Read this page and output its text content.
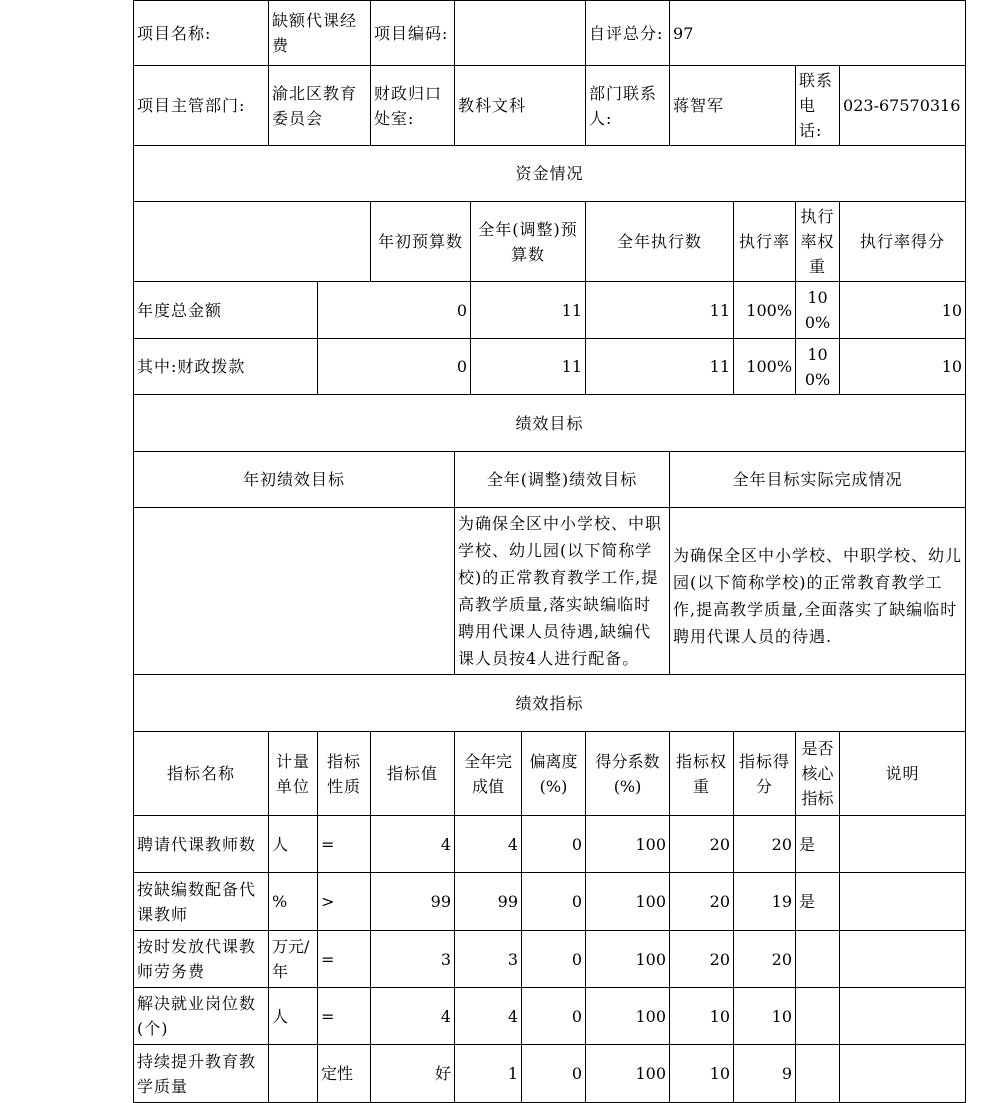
项目名称:	缺额代课经费		项目编码:				自评总分:	97			
项目主管部门:	渝北区教育委员会		财政归口处室:	教科文科			部门联系人:	蒋智军		联系电话:	023-67570316
资金情况											
			年初预算数		全年(调整)预算数		全年执行数		执行率	执行率权重	执行率得分
年度总金额		0			11		11		100%	100%	10
其中:财政拨款		0			11		11		100%	100%	10
绩效目标											
年初绩效目标				全年(调整)绩效目标				全年目标实际完成情况			
				为确保全区中小学校、中职学校、幼儿园(以下简称学校)的正常教育教学工作,提高教学质量,落实缺编临时聘用代课人员待遇,缺编代课人员按4人进行配备。				为确保全区中小学校、中职学校、幼儿园(以下简称学校)的正常教育教学工作,提高教学质量,全面落实了缺编临时聘用代课人员的待遇.			
绩效指标											
指标名称	计量单位	指标性质	指标值	全年完成值		偏离度(%)	得分系数(%)	指标权重	指标得分	是否核心指标	说明
聘请代课教师数	人	=	4	4		0	100	20	20	是	
按缺编数配备代课教师	%	>	99	99		0	100	20	19	是	
按时发放代课教师劳务费	万元/年	=	3	3		0	100	20	20		
解决就业岗位数(个)	人	=	4	4		0	100	10	10		
持续提升教育教学质量		定性	好	1		0	100	10	9		
